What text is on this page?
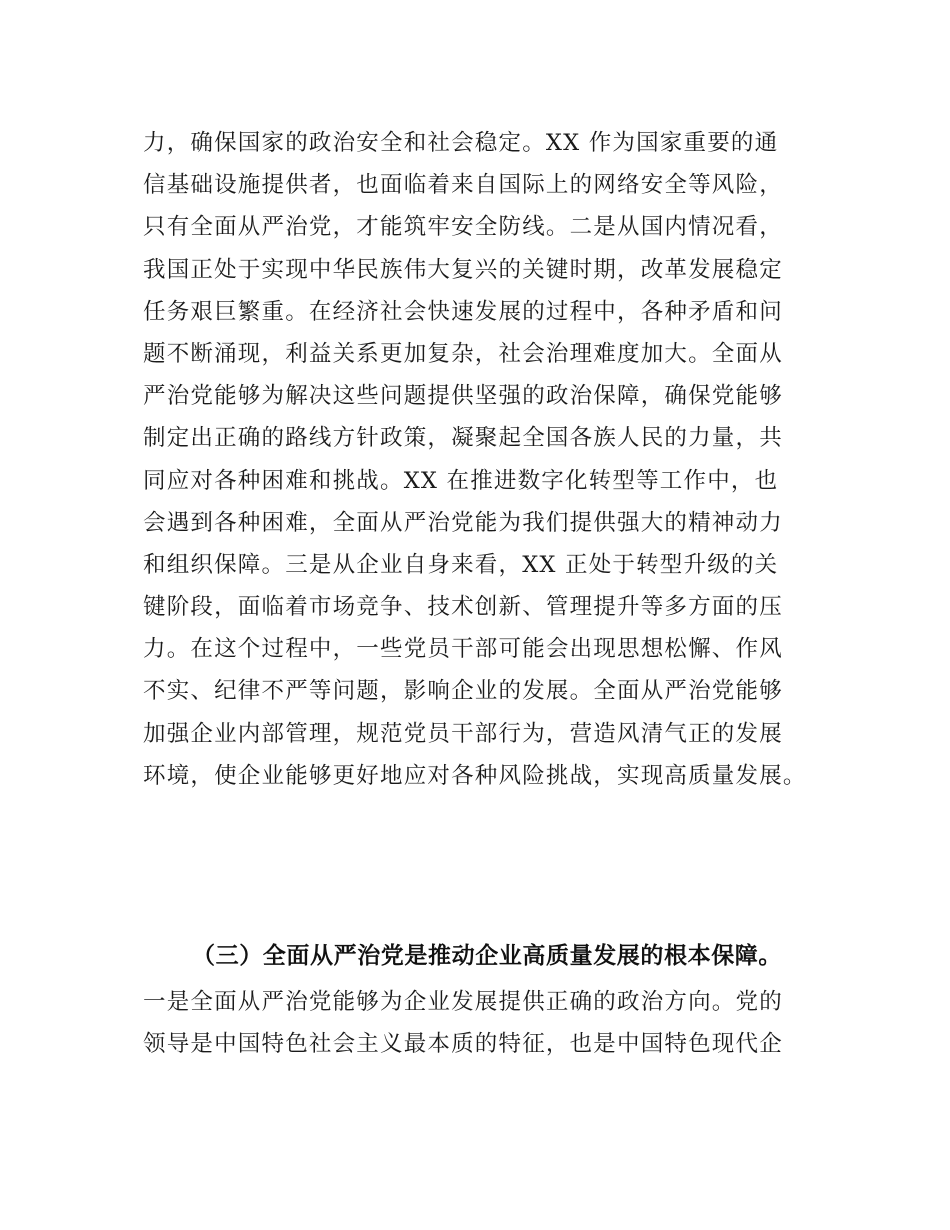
力，确保国家的政治安全和社会稳定。XX 作为国家重要的通
信基础设施提供者，也面临着来自国际上的网络安全等风险，
只有全面从严治党，才能筑牢安全防线。二是从国内情况看，
我国正处于实现中华民族伟大复兴的关键时期，改革发展稳定
任务艰巨繁重。在经济社会快速发展的过程中，各种矛盾和问
题不断涌现，利益关系更加复杂，社会治理难度加大。全面从
严治党能够为解决这些问题提供坚强的政治保障，确保党能够
制定出正确的路线方针政策，凝聚起全国各族人民的力量，共
同应对各种困难和挑战。XX 在推进数字化转型等工作中，也
会遇到各种困难，全面从严治党能为我们提供强大的精神动力
和组织保障。三是从企业自身来看，XX 正处于转型升级的关
键阶段，面临着市场竞争、技术创新、管理提升等多方面的压
力。在这个过程中，一些党员干部可能会出现思想松懈、作风
不实、纪律不严等问题，影响企业的发展。全面从严治党能够
加强企业内部管理，规范党员干部行为，营造风清气正的发展
环境，使企业能够更好地应对各种风险挑战，实现高质量发展。
（三）全面从严治党是推动企业高质量发展的根本保障。
一是全面从严治党能够为企业发展提供正确的政治方向。党的
领导是中国特色社会主义最本质的特征，也是中国特色现代企
